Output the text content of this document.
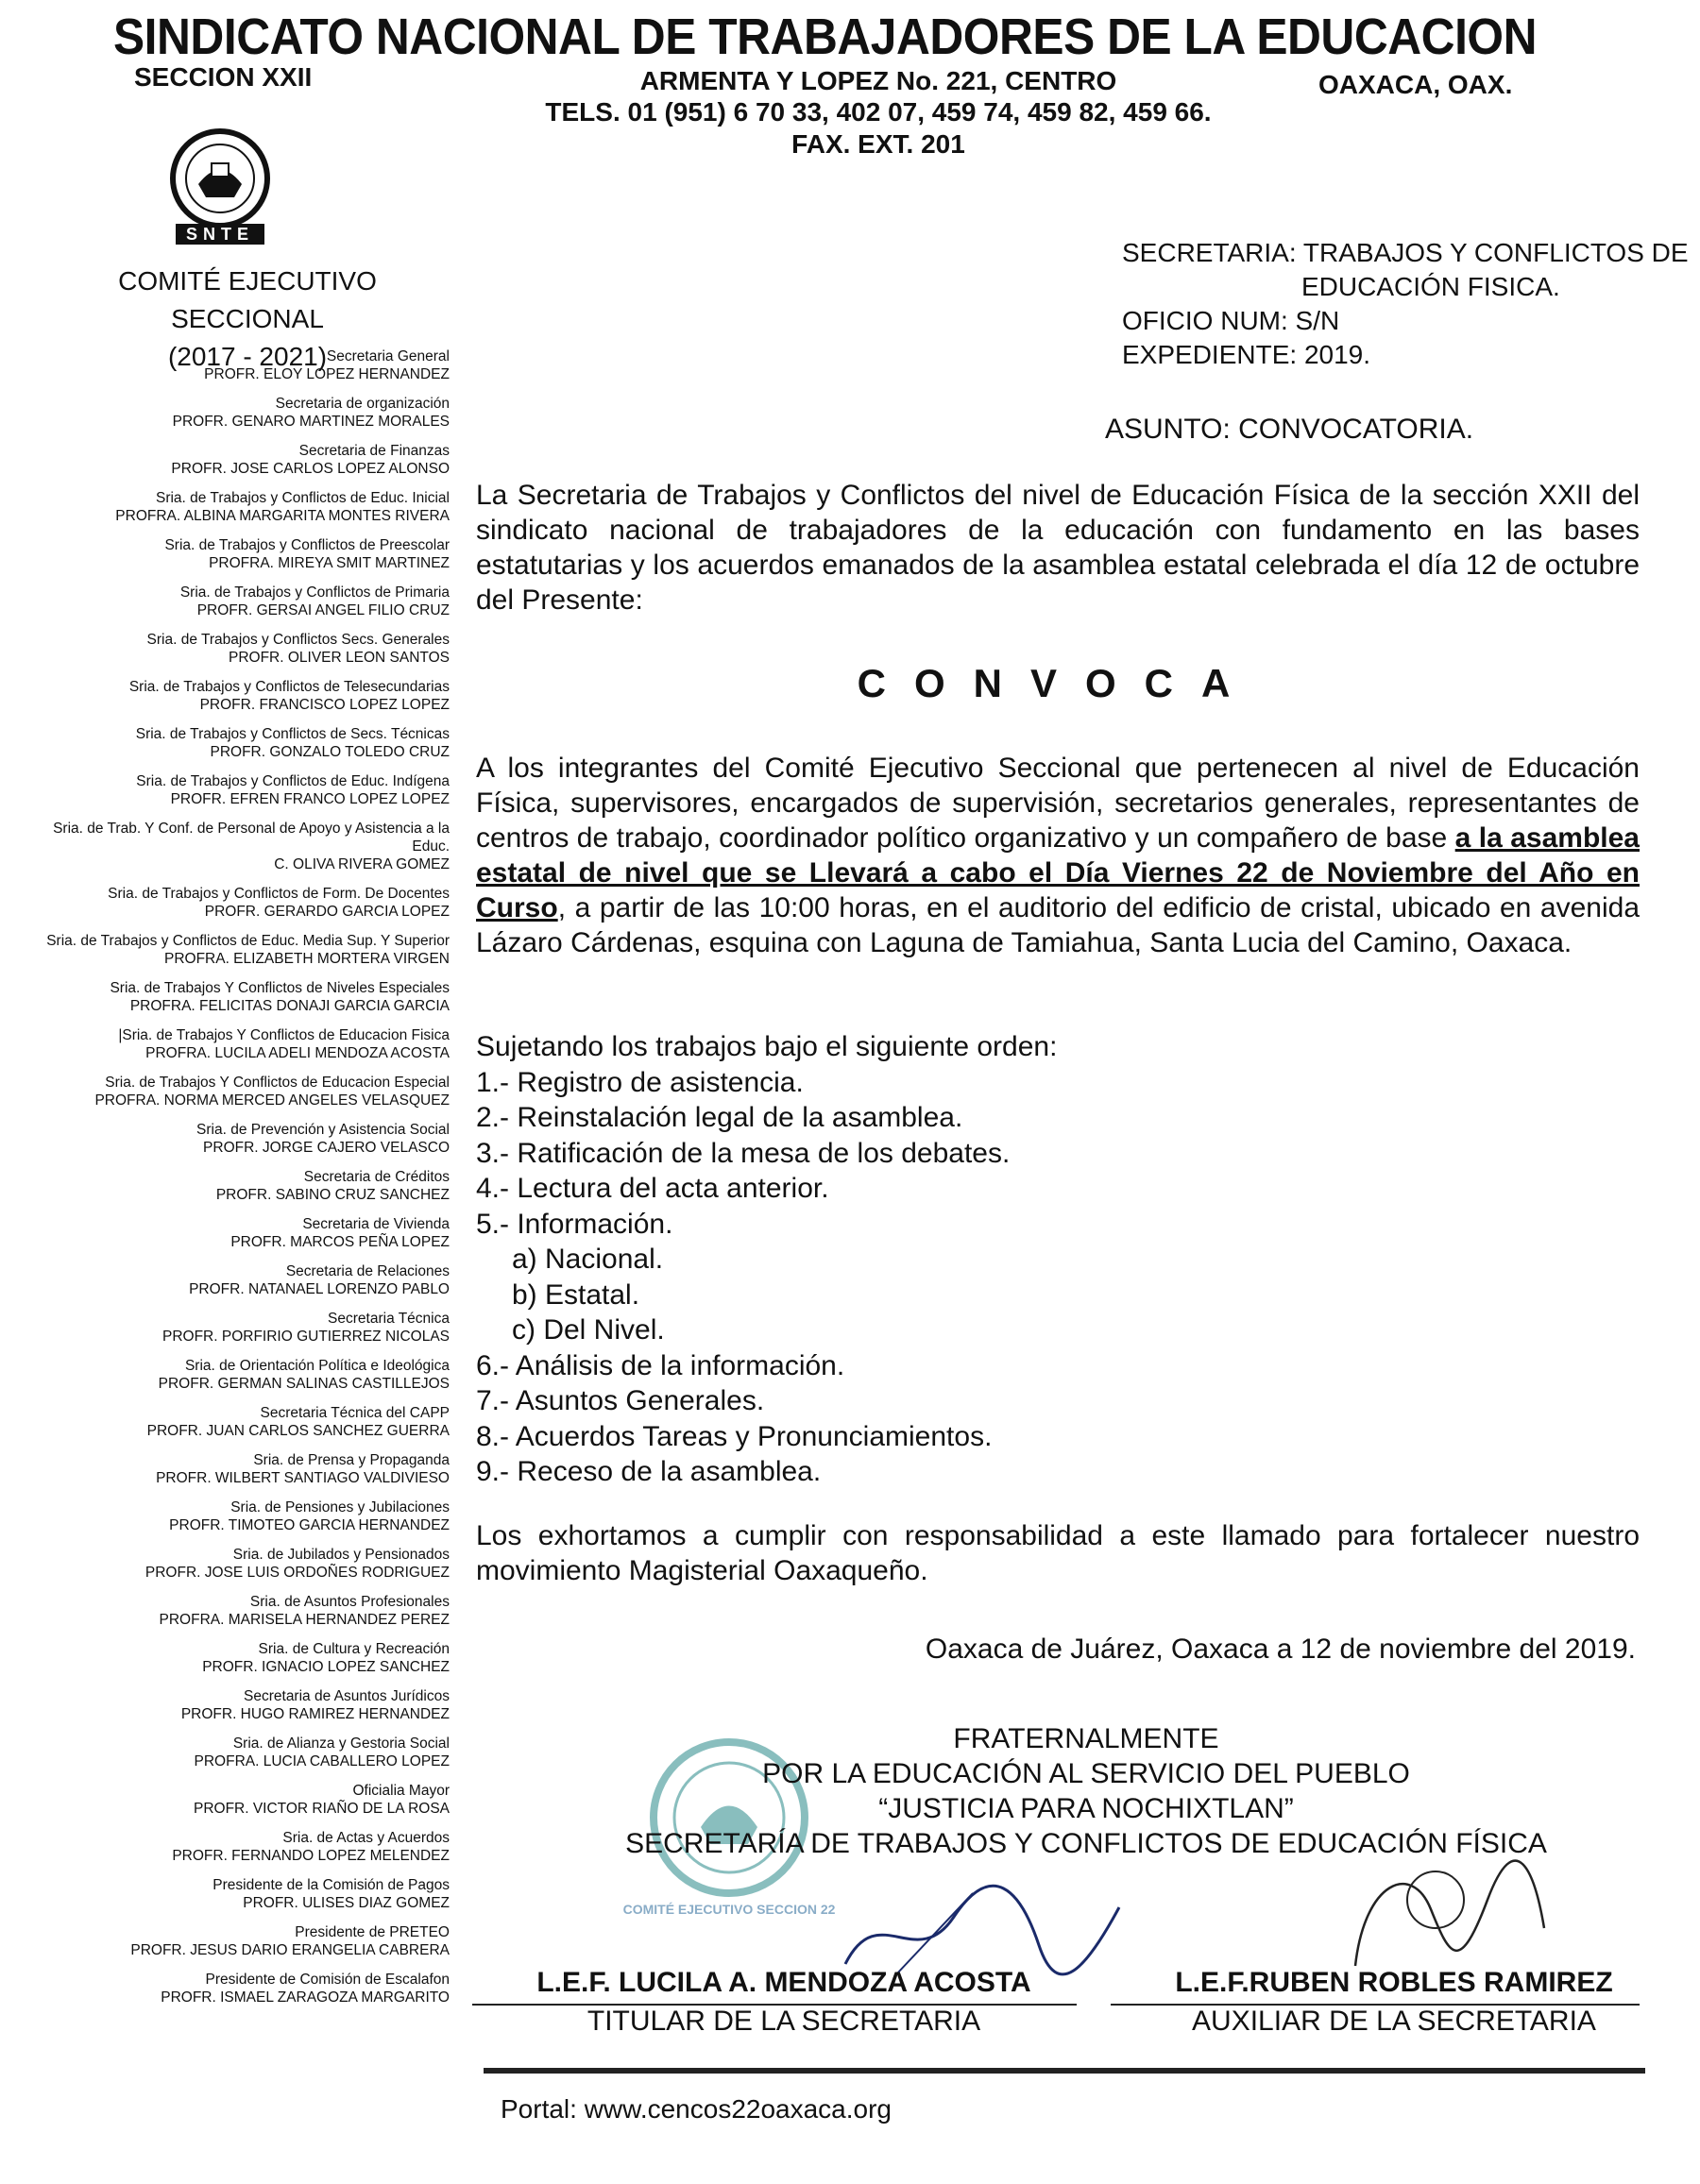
SINDICATO NACIONAL DE TRABAJADORES DE LA EDUCACION
SECCION XXII	ARMENTA Y LOPEZ No. 221, CENTRO
TELS. 01 (951) 6 70 33, 402 07, 459 74, 459 82, 459 66.
FAX. EXT. 201
OAXACA, OAX.
SNTE
COMITÉ EJECUTIVO SECCIONAL
(2017 - 2021) Secretaria General
PROFR. ELOY LOPEZ HERNANDEZ
Secretaria de organización
PROFR. GENARO MARTINEZ MORALES
Secretaria de Finanzas
PROFR. JOSE CARLOS LOPEZ ALONSO
Sria. de Trabajos y Conflictos de Educ. Inicial
PROFRA. ALBINA MARGARITA MONTES RIVERA
Sria. de Trabajos y Conflictos de Preescolar
PROFRA. MIREYA SMIT MARTINEZ
Sria. de Trabajos y Conflictos de Primaria
PROFR. GERSAI ANGEL FILIO CRUZ
Sria. de Trabajos y Conflictos Secs. Generales
PROFR. OLIVER LEON SANTOS
Sria. de Trabajos y Conflictos de Telesecundarias
PROFR. FRANCISCO LOPEZ LOPEZ
Sria. de Trabajos y Conflictos de Secs. Técnicas
PROFR. GONZALO TOLEDO CRUZ
Sria. de Trabajos y Conflictos de Educ. Indígena
PROFR. EFREN FRANCO LOPEZ LOPEZ
Sria. de Trab. Y Conf. de Personal de Apoyo y Asistencia a la Educ.
C. OLIVA RIVERA GOMEZ
Sria. de Trabajos y Conflictos de Form. De Docentes
PROFR. GERARDO GARCIA LOPEZ
Sria. de Trabajos y Conflictos de Educ. Media Sup. Y Superior
PROFRA. ELIZABETH MORTERA VIRGEN
Sria. de Trabajos Y Conflictos de Niveles Especiales
PROFRA. FELICITAS DONAJI GARCIA GARCIA
|Sria. de Trabajos Y Conflictos de Educacion Fisica
PROFRA. LUCILA ADELI MENDOZA ACOSTA
Sria. de Trabajos Y Conflictos de Educacion Especial
PROFRA. NORMA MERCED ANGELES VELASQUEZ
Sria. de Prevención y Asistencia Social
PROFR. JORGE CAJERO VELASCO
Secretaria de Créditos
PROFR. SABINO CRUZ SANCHEZ
Secretaria de Vivienda
PROFR. MARCOS PEÑA LOPEZ
Secretaria de Relaciones
PROFR. NATANAEL LORENZO PABLO
Secretaria Técnica
PROFR. PORFIRIO GUTIERREZ NICOLAS
Sria. de Orientación Política e Ideológica
PROFR. GERMAN SALINAS CASTILLEJOS
Secretaria Técnica del CAPP
PROFR. JUAN CARLOS SANCHEZ GUERRA
Sria. de Prensa y Propaganda
PROFR. WILBERT SANTIAGO VALDIVIESO
Sria. de Pensiones y Jubilaciones
PROFR. TIMOTEO GARCIA HERNANDEZ
Sria. de Jubilados y Pensionados
PROFR. JOSE LUIS ORDOÑES RODRIGUEZ
Sria. de Asuntos Profesionales
PROFRA. MARISELA HERNANDEZ PEREZ
Sria. de Cultura y Recreación
PROFR. IGNACIO LOPEZ SANCHEZ
Secretaria de Asuntos Jurídicos
PROFR. HUGO RAMIREZ HERNANDEZ
Sria. de Alianza y Gestoria Social
PROFRA. LUCIA CABALLERO LOPEZ
Oficialia Mayor
PROFR. VICTOR RIAÑO DE LA ROSA
Sria. de Actas y Acuerdos
PROFR. FERNANDO LOPEZ MELENDEZ
Presidente de la Comisión de Pagos
PROFR. ULISES DIAZ GOMEZ
Presidente de PRETEO
PROFR. JESUS DARIO ERANGELIA CABRERA
Presidente de Comisión de Escalafon
PROFR. ISMAEL ZARAGOZA MARGARITO
SECRETARIA: TRABAJOS Y CONFLICTOS DE
EDUCACIÓN FISICA.
OFICIO NUM: S/N
EXPEDIENTE: 2019.
ASUNTO: CONVOCATORIA.
La Secretaria de Trabajos y Conflictos del nivel de Educación Física de la sección XXII del sindicato nacional de trabajadores de la educación con fundamento en las bases estatutarias y los acuerdos emanados de la asamblea estatal celebrada el día 12 de octubre del Presente:
CONVOCA
A los integrantes del Comité Ejecutivo Seccional que pertenecen al nivel de Educación Física, supervisores, encargados de supervisión, secretarios generales, representantes de centros de trabajo, coordinador político organizativo y un compañero de base a la asamblea estatal de nivel que se Llevará a cabo el Día Viernes 22 de Noviembre del Año en Curso, a partir de las 10:00 horas, en el auditorio del edificio de cristal, ubicado en avenida Lázaro Cárdenas, esquina con Laguna de Tamiahua, Santa Lucia del Camino, Oaxaca.
Sujetando los trabajos bajo el siguiente orden:
1.- Registro de asistencia.
2.- Reinstalación legal de la asamblea.
3.- Ratificación de la mesa de los debates.
4.- Lectura del acta anterior.
5.- Información.
a) Nacional.
b) Estatal.
c) Del Nivel.
6.- Análisis de la información.
7.- Asuntos Generales.
8.- Acuerdos Tareas y Pronunciamientos.
9.- Receso de la asamblea.
Los exhortamos a cumplir con responsabilidad a este llamado para fortalecer nuestro movimiento Magisterial Oaxaqueño.
Oaxaca de Juárez, Oaxaca a 12 de noviembre del 2019.
COMITÉ EJECUTIVO SECCION 22
FRATERNALMENTE
POR LA EDUCACIÓN AL SERVICIO DEL PUEBLO
“JUSTICIA PARA NOCHIXTLAN”
SECRETARÍA DE TRABAJOS Y CONFLICTOS DE EDUCACIÓN FÍSICA
L.E.F. LUCILA A. MENDOZA ACOSTA
TITULAR DE LA SECRETARIA
L.E.F.RUBEN ROBLES RAMIREZ
AUXILIAR DE LA SECRETARIA
Portal: www.cencos22oaxaca.org
